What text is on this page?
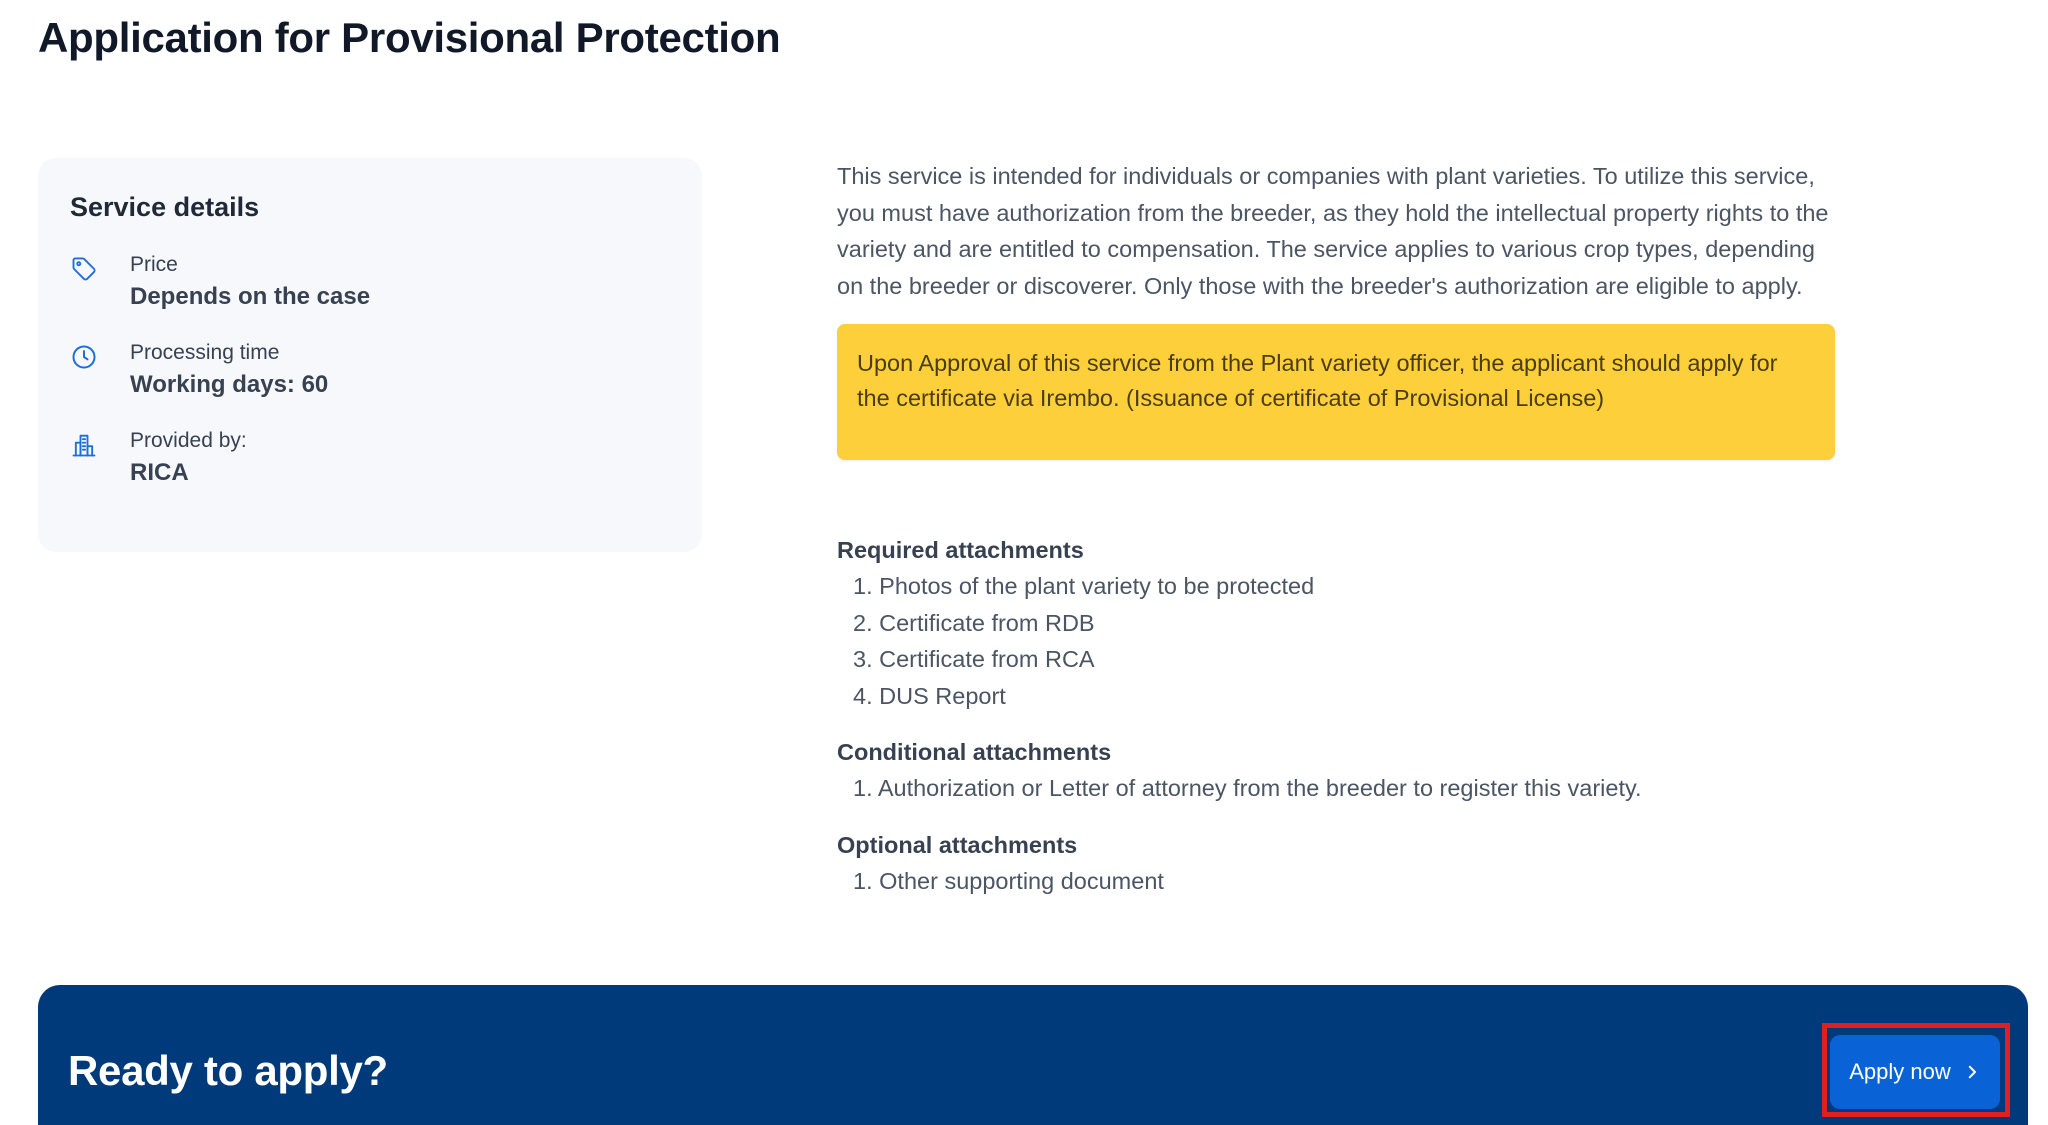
Application for Provisional Protection
Service details
Price
Depends on the case
Processing time
Working days: 60
Provided by:
RICA

This service is intended for individuals or companies with plant varieties. To utilize this service, you must have authorization from the breeder, as they hold the intellectual property rights to the variety and are entitled to compensation. The service applies to various crop types, depending on the breeder or discoverer. Only those with the breeder's authorization are eligible to apply.

Upon Approval of this service from the Plant variety officer, the applicant should apply for the certificate via Irembo. (Issuance of certificate of Provisional License)

Required attachments
1. Photos of the plant variety to be protected
2. Certificate from RDB
3. Certificate from RCA
4. DUS Report
Conditional attachments
1. Authorization or Letter of attorney from the breeder to register this variety.
Optional attachments
1. Other supporting document
Ready to apply?	Apply now
